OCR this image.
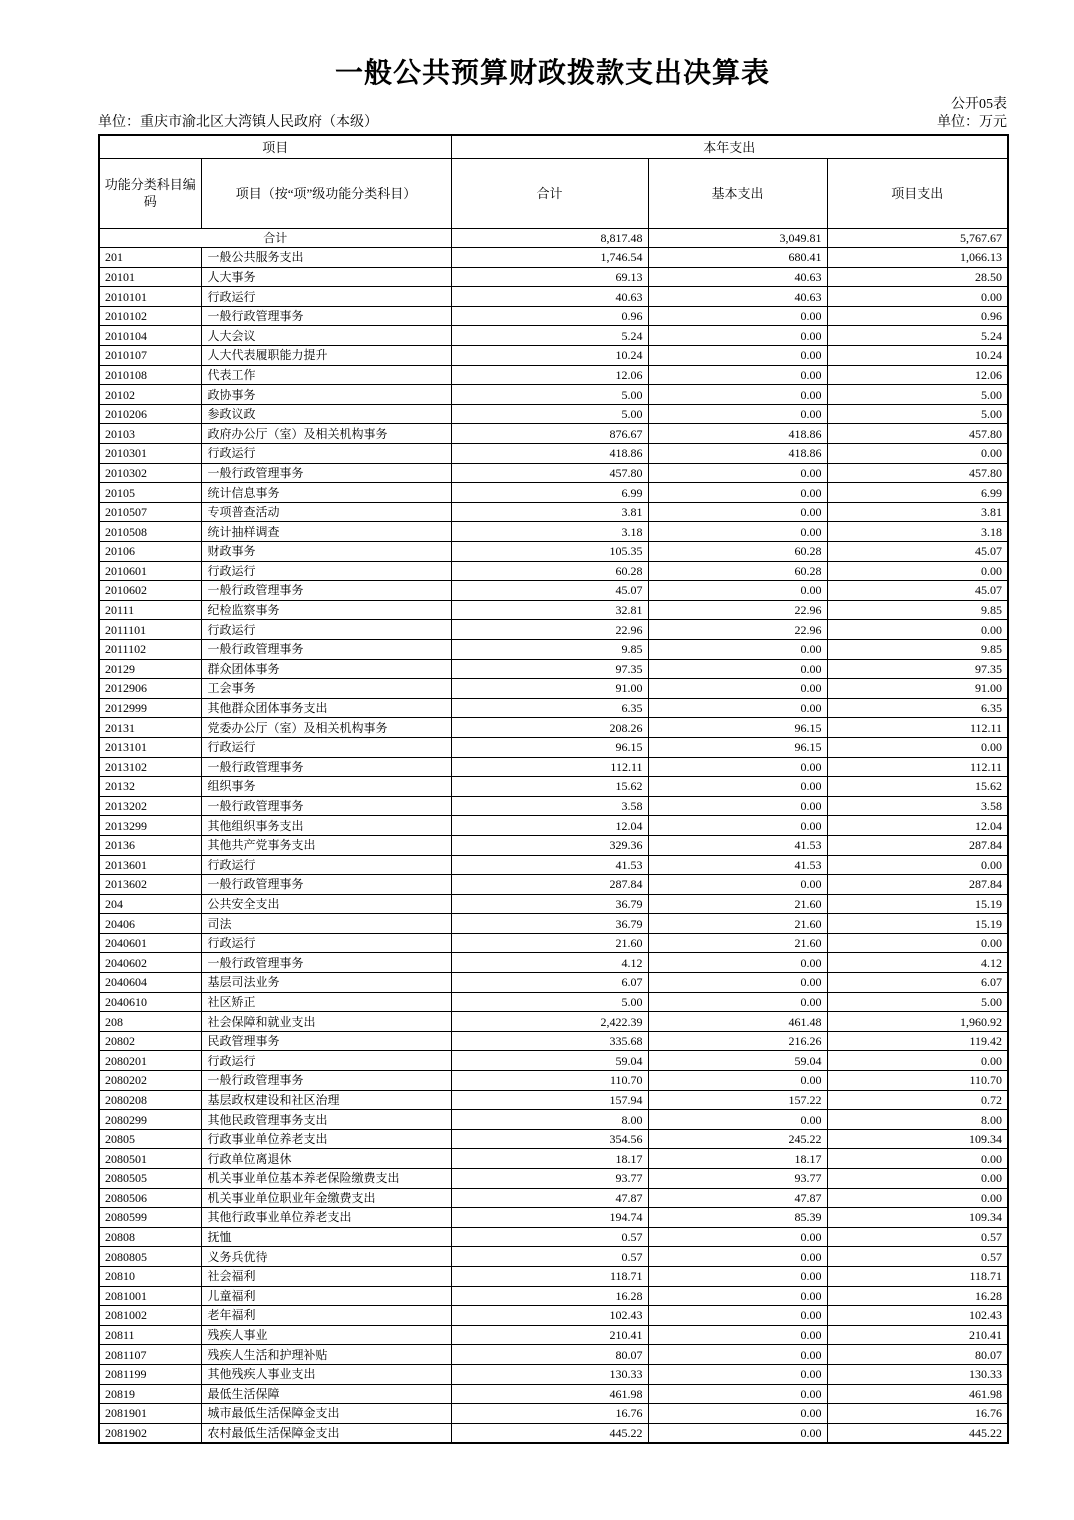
一般公共预算财政拨款支出决算表
公开05表
单位：重庆市渝北区大湾镇人民政府（本级）	单位：万元
项目		本年支出		
功能分类科目编码	项目（按“项”级功能分类科目）	合计	基本支出	项目支出
合计		8,817.48	3,049.81	5,767.67
201	一般公共服务支出	1,746.54	680.41	1,066.13
20101	人大事务	69.13	40.63	28.50
2010101	行政运行	40.63	40.63	0.00
2010102	一般行政管理事务	0.96	0.00	0.96
2010104	人大会议	5.24	0.00	5.24
2010107	人大代表履职能力提升	10.24	0.00	10.24
2010108	代表工作	12.06	0.00	12.06
20102	政协事务	5.00	0.00	5.00
2010206	参政议政	5.00	0.00	5.00
20103	政府办公厅（室）及相关机构事务	876.67	418.86	457.80
2010301	行政运行	418.86	418.86	0.00
2010302	一般行政管理事务	457.80	0.00	457.80
20105	统计信息事务	6.99	0.00	6.99
2010507	专项普查活动	3.81	0.00	3.81
2010508	统计抽样调查	3.18	0.00	3.18
20106	财政事务	105.35	60.28	45.07
2010601	行政运行	60.28	60.28	0.00
2010602	一般行政管理事务	45.07	0.00	45.07
20111	纪检监察事务	32.81	22.96	9.85
2011101	行政运行	22.96	22.96	0.00
2011102	一般行政管理事务	9.85	0.00	9.85
20129	群众团体事务	97.35	0.00	97.35
2012906	工会事务	91.00	0.00	91.00
2012999	其他群众团体事务支出	6.35	0.00	6.35
20131	党委办公厅（室）及相关机构事务	208.26	96.15	112.11
2013101	行政运行	96.15	96.15	0.00
2013102	一般行政管理事务	112.11	0.00	112.11
20132	组织事务	15.62	0.00	15.62
2013202	一般行政管理事务	3.58	0.00	3.58
2013299	其他组织事务支出	12.04	0.00	12.04
20136	其他共产党事务支出	329.36	41.53	287.84
2013601	行政运行	41.53	41.53	0.00
2013602	一般行政管理事务	287.84	0.00	287.84
204	公共安全支出	36.79	21.60	15.19
20406	司法	36.79	21.60	15.19
2040601	行政运行	21.60	21.60	0.00
2040602	一般行政管理事务	4.12	0.00	4.12
2040604	基层司法业务	6.07	0.00	6.07
2040610	社区矫正	5.00	0.00	5.00
208	社会保障和就业支出	2,422.39	461.48	1,960.92
20802	民政管理事务	335.68	216.26	119.42
2080201	行政运行	59.04	59.04	0.00
2080202	一般行政管理事务	110.70	0.00	110.70
2080208	基层政权建设和社区治理	157.94	157.22	0.72
2080299	其他民政管理事务支出	8.00	0.00	8.00
20805	行政事业单位养老支出	354.56	245.22	109.34
2080501	行政单位离退休	18.17	18.17	0.00
2080505	机关事业单位基本养老保险缴费支出	93.77	93.77	0.00
2080506	机关事业单位职业年金缴费支出	47.87	47.87	0.00
2080599	其他行政事业单位养老支出	194.74	85.39	109.34
20808	抚恤	0.57	0.00	0.57
2080805	义务兵优待	0.57	0.00	0.57
20810	社会福利	118.71	0.00	118.71
2081001	儿童福利	16.28	0.00	16.28
2081002	老年福利	102.43	0.00	102.43
20811	残疾人事业	210.41	0.00	210.41
2081107	残疾人生活和护理补贴	80.07	0.00	80.07
2081199	其他残疾人事业支出	130.33	0.00	130.33
20819	最低生活保障	461.98	0.00	461.98
2081901	城市最低生活保障金支出	16.76	0.00	16.76
2081902	农村最低生活保障金支出	445.22	0.00	445.22
